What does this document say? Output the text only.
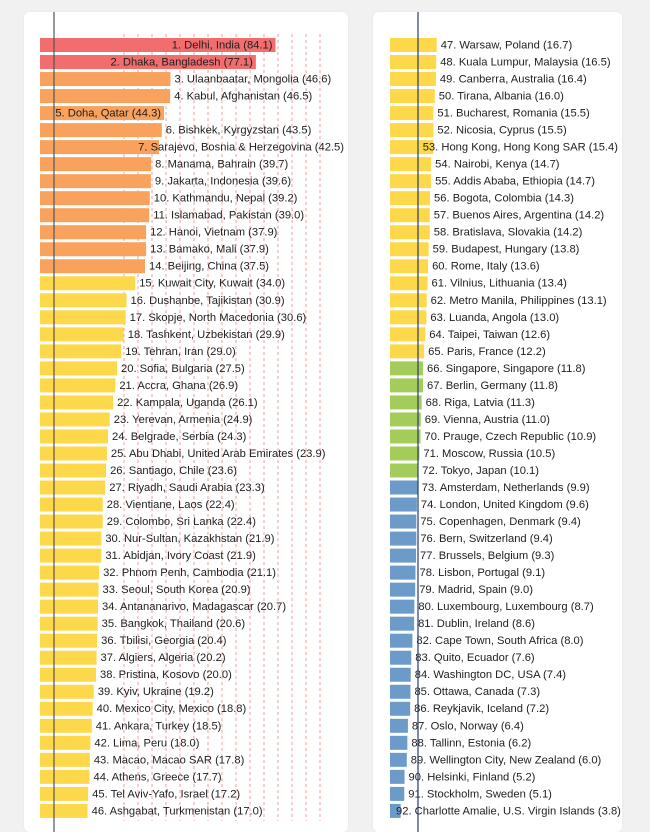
1. Delhi, India (84.1)
2. Dhaka, Bangladesh (77.1)
3. Ulaanbaatar, Mongolia (46.6)
4. Kabul, Afghanistan (46.5)
5. Doha, Qatar (44.3)
6. Bishkek, Kyrgyzstan (43.5)
7. Sarajevo, Bosnia & Herzegovina (42.5)
8. Manama, Bahrain (39.7)
9. Jakarta, Indonesia (39.6)
10. Kathmandu, Nepal (39.2)
11. Islamabad, Pakistan (39.0)
12. Hanoi, Vietnam (37.9)
13. Bamako, Mali (37.9)
14. Beijing, China (37.5)
15. Kuwait City, Kuwait (34.0)
16. Dushanbe, Tajikistan (30.9)
17. Skopje, North Macedonia (30.6)
18. Tashkent, Uzbekistan (29.9)
19. Tehran, Iran (29.0)
20. Sofia, Bulgaria (27.5)
21. Accra, Ghana (26.9)
22. Kampala, Uganda (26.1)
23. Yerevan, Armenia (24.9)
24. Belgrade, Serbia (24.3)
25. Abu Dhabi, United Arab Emirates (23.9)
26. Santiago, Chile (23.6)
27. Riyadh, Saudi Arabia (23.3)
28. Vientiane, Laos (22.4)
29. Colombo, Sri Lanka (22.4)
30. Nur-Sultan, Kazakhstan (21.9)
31. Abidjan, Ivory Coast (21.9)
32. Phnom Penh, Cambodia (21.1)
33. Seoul, South Korea (20.9)
34. Antananarivo, Madagascar (20.7)
35. Bangkok, Thailand (20.6)
36. Tbilisi, Georgia (20.4)
37. Algiers, Algeria (20.2)
38. Pristina, Kosovo (20.0)
39. Kyiv, Ukraine (19.2)
40. Mexico City, Mexico (18.8)
41. Ankara, Turkey (18.5)
42. Lima, Peru (18.0)
43. Macao, Macao SAR (17.8)
44. Athens, Greece (17.7)
45. Tel Aviv-Yafo, Israel (17.2)
46. Ashgabat, Turkmenistan (17.0)
47. Warsaw, Poland (16.7)
48. Kuala Lumpur, Malaysia (16.5)
49. Canberra, Australia (16.4)
50. Tirana, Albania (16.0)
51. Bucharest, Romania (15.5)
52. Nicosia, Cyprus (15.5)
53. Hong Kong, Hong Kong SAR (15.4)
54. Nairobi, Kenya (14.7)
55. Addis Ababa, Ethiopia (14.7)
56. Bogota, Colombia (14.3)
57. Buenos Aires, Argentina (14.2)
58. Bratislava, Slovakia (14.2)
59. Budapest, Hungary (13.8)
60. Rome, Italy (13.6)
61. Vilnius, Lithuania (13.4)
62. Metro Manila, Philippines (13.1)
63. Luanda, Angola (13.0)
64. Taipei, Taiwan (12.6)
65. Paris, France (12.2)
66. Singapore, Singapore (11.8)
67. Berlin, Germany (11.8)
68. Riga, Latvia (11.3)
69. Vienna, Austria (11.0)
70. Prauge, Czech Republic (10.9)
71. Moscow, Russia (10.5)
72. Tokyo, Japan (10.1)
73. Amsterdam, Netherlands (9.9)
74. London, United Kingdom (9.6)
75. Copenhagen, Denmark (9.4)
76. Bern, Switzerland (9.4)
77. Brussels, Belgium (9.3)
78. Lisbon, Portugal (9.1)
79. Madrid, Spain (9.0)
80. Luxembourg, Luxembourg (8.7)
81. Dublin, Ireland (8.6)
82. Cape Town, South Africa (8.0)
83. Quito, Ecuador (7.6)
84. Washington DC, USA (7.4)
85. Ottawa, Canada (7.3)
86. Reykjavik, Iceland (7.2)
87. Oslo, Norway (6.4)
88. Tallinn, Estonia (6.2)
89. Wellington City, New Zealand (6.0)
90. Helsinki, Finland (5.2)
91. Stockholm, Sweden (5.1)
92. Charlotte Amalie, U.S. Virgin Islands (3.8)
